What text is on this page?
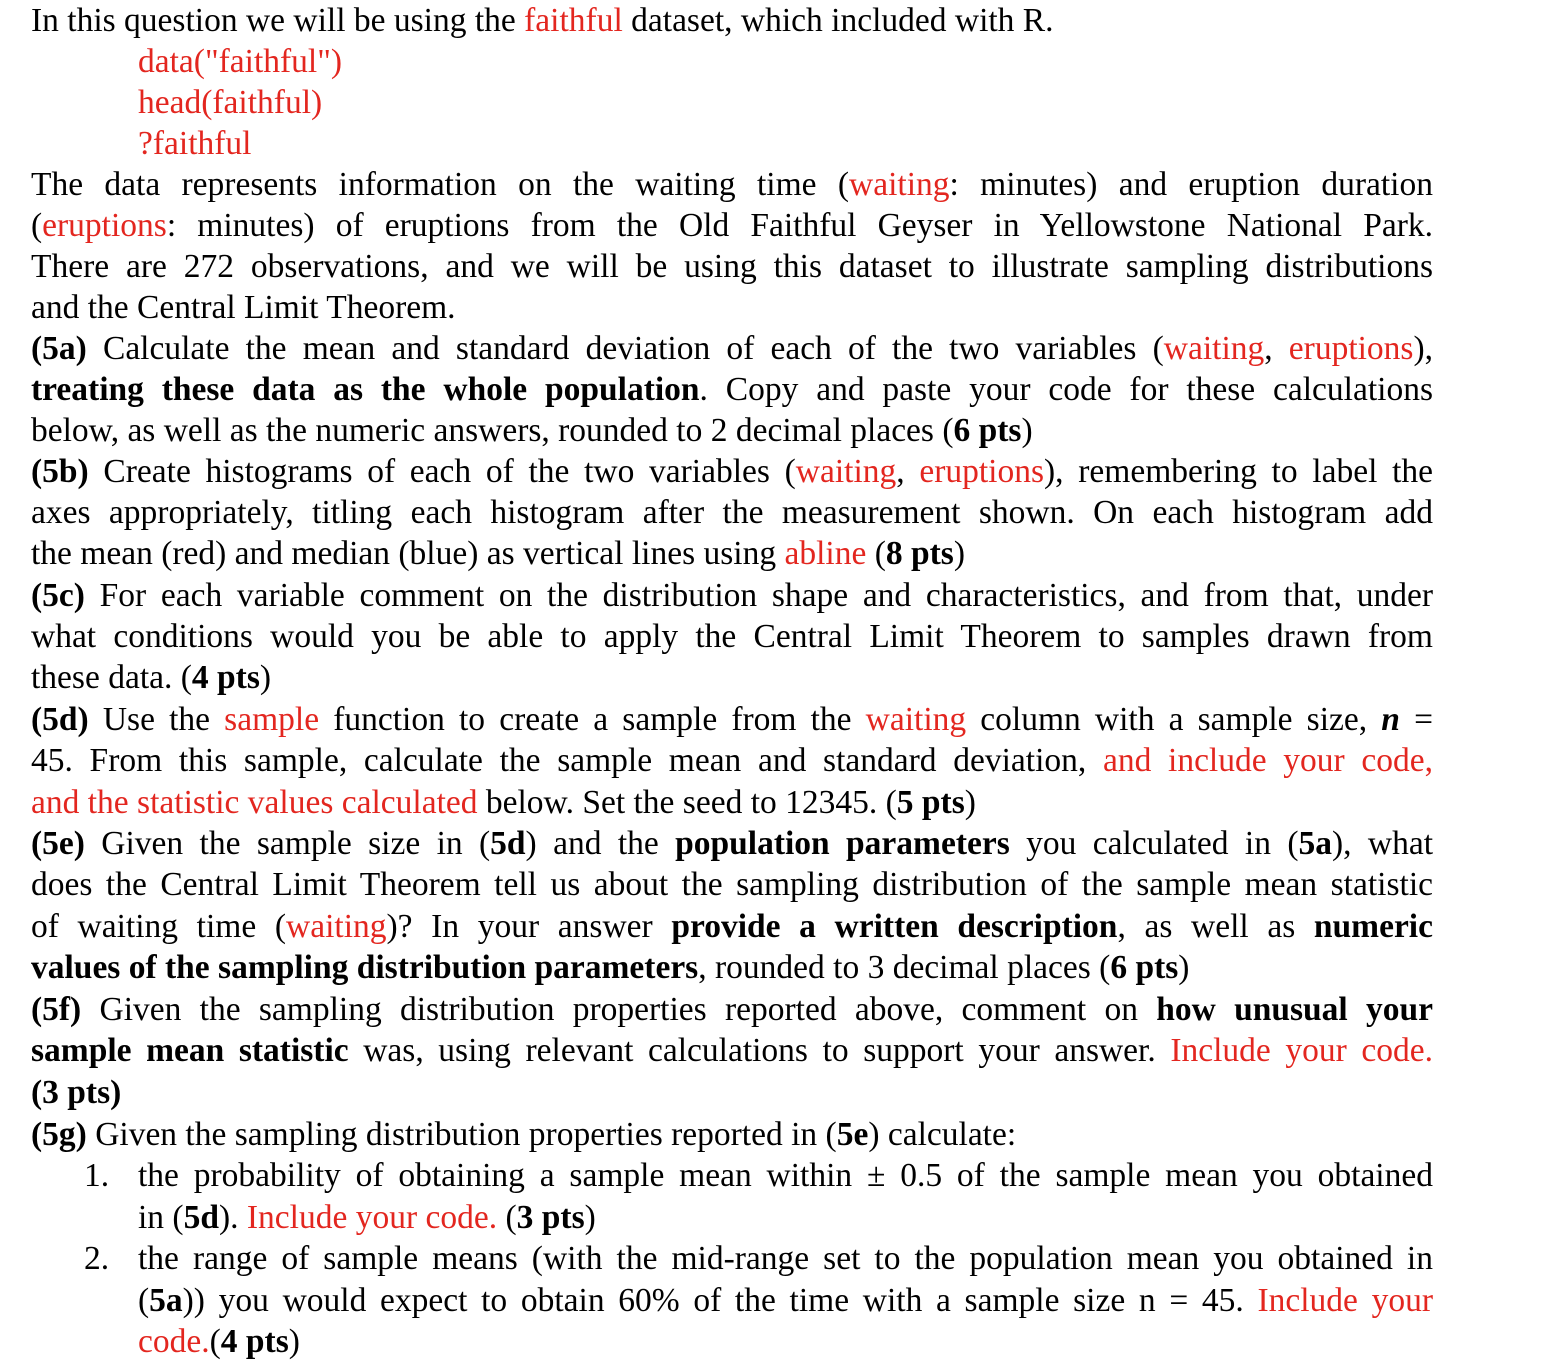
In this question we will be using the faithful dataset, which included with R.
data("faithful")
head(faithful)
?faithful
The data represents information on the waiting time (waiting: minutes) and eruption duration
(eruptions: minutes) of eruptions from the Old Faithful Geyser in Yellowstone National Park.
There are 272 observations, and we will be using this dataset to illustrate sampling distributions
and the Central Limit Theorem.
(5a) Calculate the mean and standard deviation of each of the two variables (waiting, eruptions),
treating these data as the whole population. Copy and paste your code for these calculations
below, as well as the numeric answers, rounded to 2 decimal places (6 pts)
(5b) Create histograms of each of the two variables (waiting, eruptions), remembering to label the
axes appropriately, titling each histogram after the measurement shown. On each histogram add
the mean (red) and median (blue) as vertical lines using abline (8 pts)
(5c) For each variable comment on the distribution shape and characteristics, and from that, under
what conditions would you be able to apply the Central Limit Theorem to samples drawn from
these data. (4 pts)
(5d) Use the sample function to create a sample from the waiting column with a sample size, n =
45. From this sample, calculate the sample mean and standard deviation, and include your code,
and the statistic values calculated below. Set the seed to 12345. (5 pts)
(5e) Given the sample size in (5d) and the population parameters you calculated in (5a), what
does the Central Limit Theorem tell us about the sampling distribution of the sample mean statistic
of waiting time (waiting)? In your answer provide a written description, as well as numeric
values of the sampling distribution parameters, rounded to 3 decimal places (6 pts)
(5f) Given the sampling distribution properties reported above, comment on how unusual your
sample mean statistic was, using relevant calculations to support your answer. Include your code.
(3 pts)
(5g) Given the sampling distribution properties reported in (5e) calculate:
1. the probability of obtaining a sample mean within ± 0.5 of the sample mean you obtained
in (5d). Include your code. (3 pts)
2. the range of sample means (with the mid-range set to the population mean you obtained in
(5a)) you would expect to obtain 60% of the time with a sample size n = 45. Include your
code.(4 pts)
